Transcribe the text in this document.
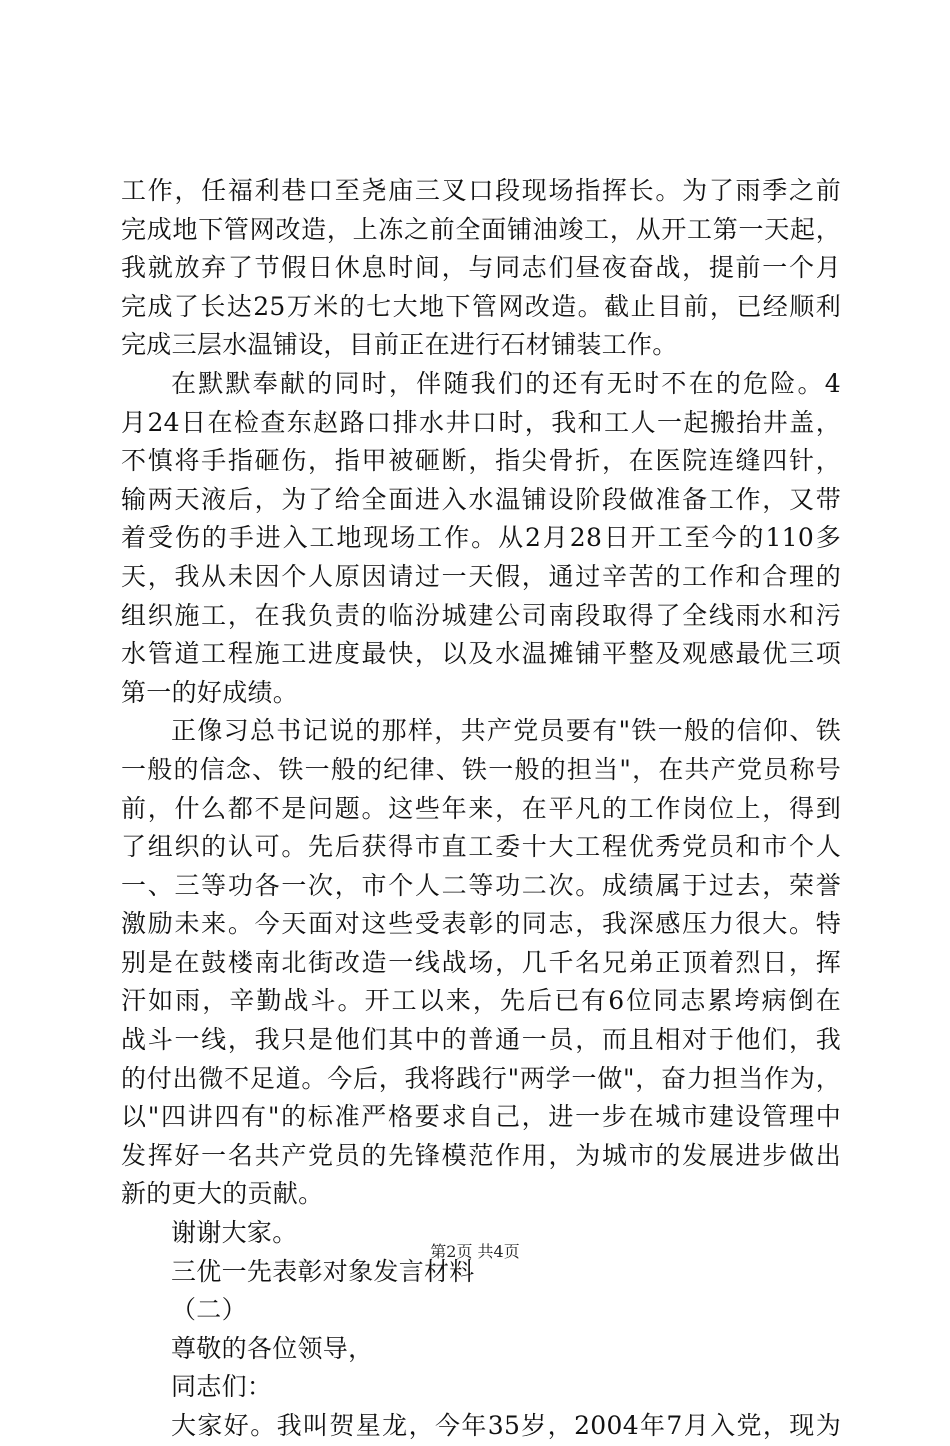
工作，任福利巷口至尧庙三叉口段现场指挥长。为了雨季之前
完成地下管网改造，上冻之前全面铺油竣工，从开工第一天起，
我就放弃了节假日休息时间，与同志们昼夜奋战，提前一个月
完成了长达25万米的七大地下管网改造。截止目前，已经顺利
完成三层水温铺设，目前正在进行石材铺装工作。
在默默奉献的同时，伴随我们的还有无时不在的危险。4
月24日在检查东赵路口排水井口时，我和工人一起搬抬井盖，
不慎将手指砸伤，指甲被砸断，指尖骨折，在医院连缝四针，
输两天液后，为了给全面进入水温铺设阶段做准备工作，又带
着受伤的手进入工地现场工作。从2月28日开工至今的110多
天，我从未因个人原因请过一天假，通过辛苦的工作和合理的
组织施工，在我负责的临汾城建公司南段取得了全线雨水和污
水管道工程施工进度最快，以及水温摊铺平整及观感最优三项
第一的好成绩。
正像习总书记说的那样，共产党员要有"铁一般的信仰、铁
一般的信念、铁一般的纪律、铁一般的担当"，在共产党员称号
前，什么都不是问题。这些年来，在平凡的工作岗位上，得到
了组织的认可。先后获得市直工委十大工程优秀党员和市个人
一、三等功各一次，市个人二等功二次。成绩属于过去，荣誉
激励未来。今天面对这些受表彰的同志，我深感压力很大。特
别是在鼓楼南北街改造一线战场，几千名兄弟正顶着烈日，挥
汗如雨，辛勤战斗。开工以来，先后已有6位同志累垮病倒在
战斗一线，我只是他们其中的普通一员，而且相对于他们，我
的付出微不足道。今后，我将践行"两学一做"，奋力担当作为，
以"四讲四有"的标准严格要求自己，进一步在城市建设管理中
发挥好一名共产党员的先锋模范作用，为城市的发展进步做出
新的更大的贡献。
谢谢大家。
三优一先表彰对象发言材料
（二）
尊敬的各位领导，
同志们：
大家好。我叫贺星龙，今年35岁，2004年7月入党，现为
第2页 共4页
